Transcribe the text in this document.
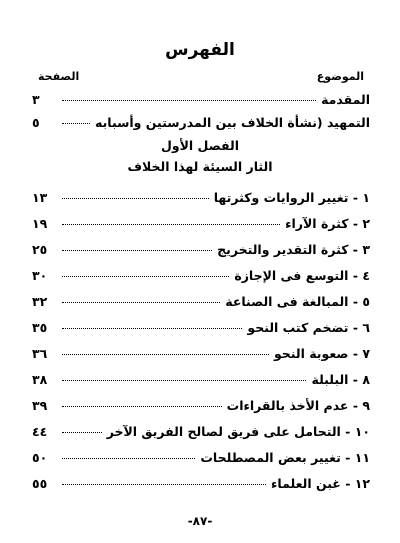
الفهرس
الموضوع
الصفحة
المقدمة
٣
التمهيد (نشأة الخلاف بين المدرستين وأسبابه
٥
الفصل الأول
الثار السيئة لهذا الخلاف
١ - تغيير الروايات وكثرتها
١٣
٢ - كثرة الآراء
١٩
٣ - كثرة التقدير والتخريج
٢٥
٤ - التوسع فى الإجازة
٣٠
٥ - المبالغة فى الصناعة
٣٢
٦ - تضخم كتب النحو
٣٥
٧ - صعوبة النحو
٣٦
٨ - البلبلة
٣٨
٩ - عدم الأخذ بالقراءات
٣٩
١٠ - التحامل على فريق لصالح الفريق الآخر
٤٤
١١ - تغيير بعض المصطلحات
٥٠
١٢ - غبن العلماء
٥٥
-٨٧-
